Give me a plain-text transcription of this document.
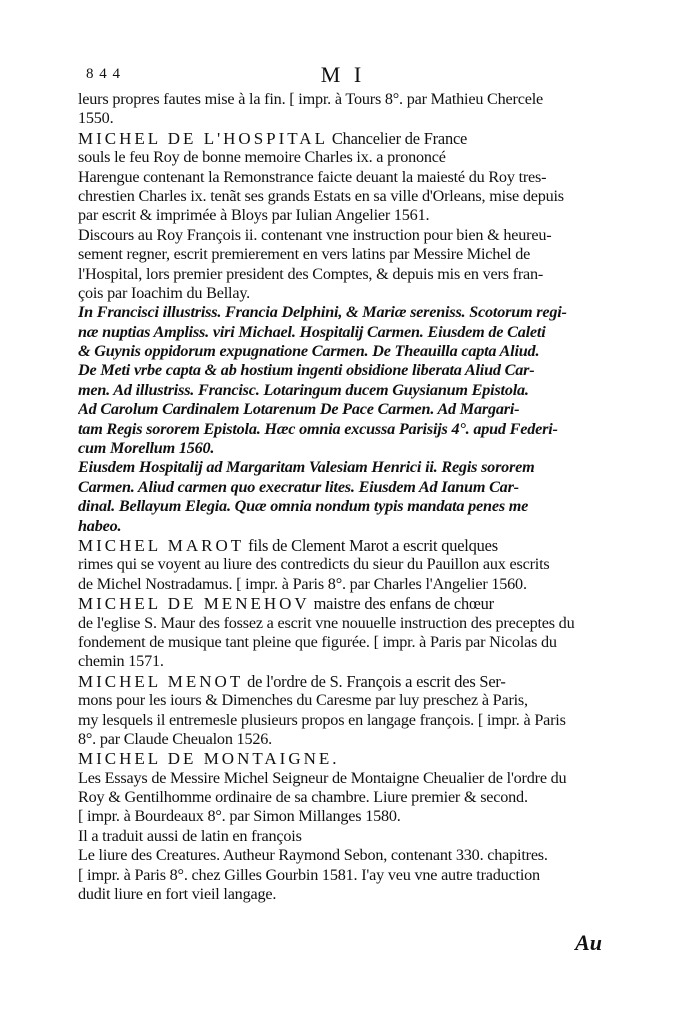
8 4 4	M I
leurs propres fautes mise à la fin. [ impr. à Tours 8°. par Mathieu Chercele
1550.
MICHEL DE L'HOSPITAL Chancelier de France
souls le feu Roy de bonne memoire Charles ix. a prononcé
Harengue contenant la Remonstrance faicte deuant la maiesté du Roy tres-
chrestien Charles ix. tenãt ses grands Estats en sa ville d'Orleans, mise depuis
par escrit & imprimée à Bloys par Iulian Angelier 1561.
Discours au Roy François ii. contenant vne instruction pour bien & heureu-
sement regner, escrit premierement en vers latins par Messire Michel de
l'Hospital, lors premier president des Comptes, & depuis mis en vers fran-
çois par Ioachim du Bellay.
In Francisci illustriss. Francia Delphini, & Mariæ sereniss. Scotorum regi-
næ nuptias Ampliss. viri Michael. Hospitalij Carmen. Eiusdem de Caleti
& Guynis oppidorum expugnatione Carmen. De Theauilla capta Aliud.
De Meti vrbe capta & ab hostium ingenti obsidione liberata Aliud Car-
men. Ad illustriss. Francisc. Lotaringum ducem Guysianum Epistola.
Ad Carolum Cardinalem Lotarenum De Pace Carmen. Ad Margari-
tam Regis sororem Epistola. Hæc omnia excussa Parisijs 4°. apud Federi-
cum Morellum 1560.
Eiusdem Hospitalij ad Margaritam Valesiam Henrici ii. Regis sororem
Carmen. Aliud carmen quo execratur lites. Eiusdem Ad Ianum Car-
dinal. Bellayum Elegia. Quæ omnia nondum typis mandata penes me
habeo.
MICHEL MAROT fils de Clement Marot a escrit quelques
rimes qui se voyent au liure des contredicts du sieur du Pauillon aux escrits
de Michel Nostradamus. [ impr. à Paris 8°. par Charles l'Angelier 1560.
MICHEL DE MENEHOV maistre des enfans de chœur
de l'eglise S. Maur des fossez a escrit vne nouuelle instruction des preceptes du
fondement de musique tant pleine que figurée. [ impr. à Paris par Nicolas du
chemin 1571.
MICHEL MENOT de l'ordre de S. François a escrit des Ser-
mons pour les iours & Dimenches du Caresme par luy preschez à Paris,
my lesquels il entremesle plusieurs propos en langage françois. [ impr. à Paris
8°. par Claude Cheualon 1526.
MICHEL DE MONTAIGNE.
Les Essays de Messire Michel Seigneur de Montaigne Cheualier de l'ordre du
Roy & Gentilhomme ordinaire de sa chambre. Liure premier & second.
[ impr. à Bourdeaux 8°. par Simon Millanges 1580.
Il a traduit aussi de latin en françois
Le liure des Creatures. Autheur Raymond Sebon, contenant 330. chapitres.
[ impr. à Paris 8°. chez Gilles Gourbin 1581. I'ay veu vne autre traduction
dudit liure en fort vieil langage.
Au
